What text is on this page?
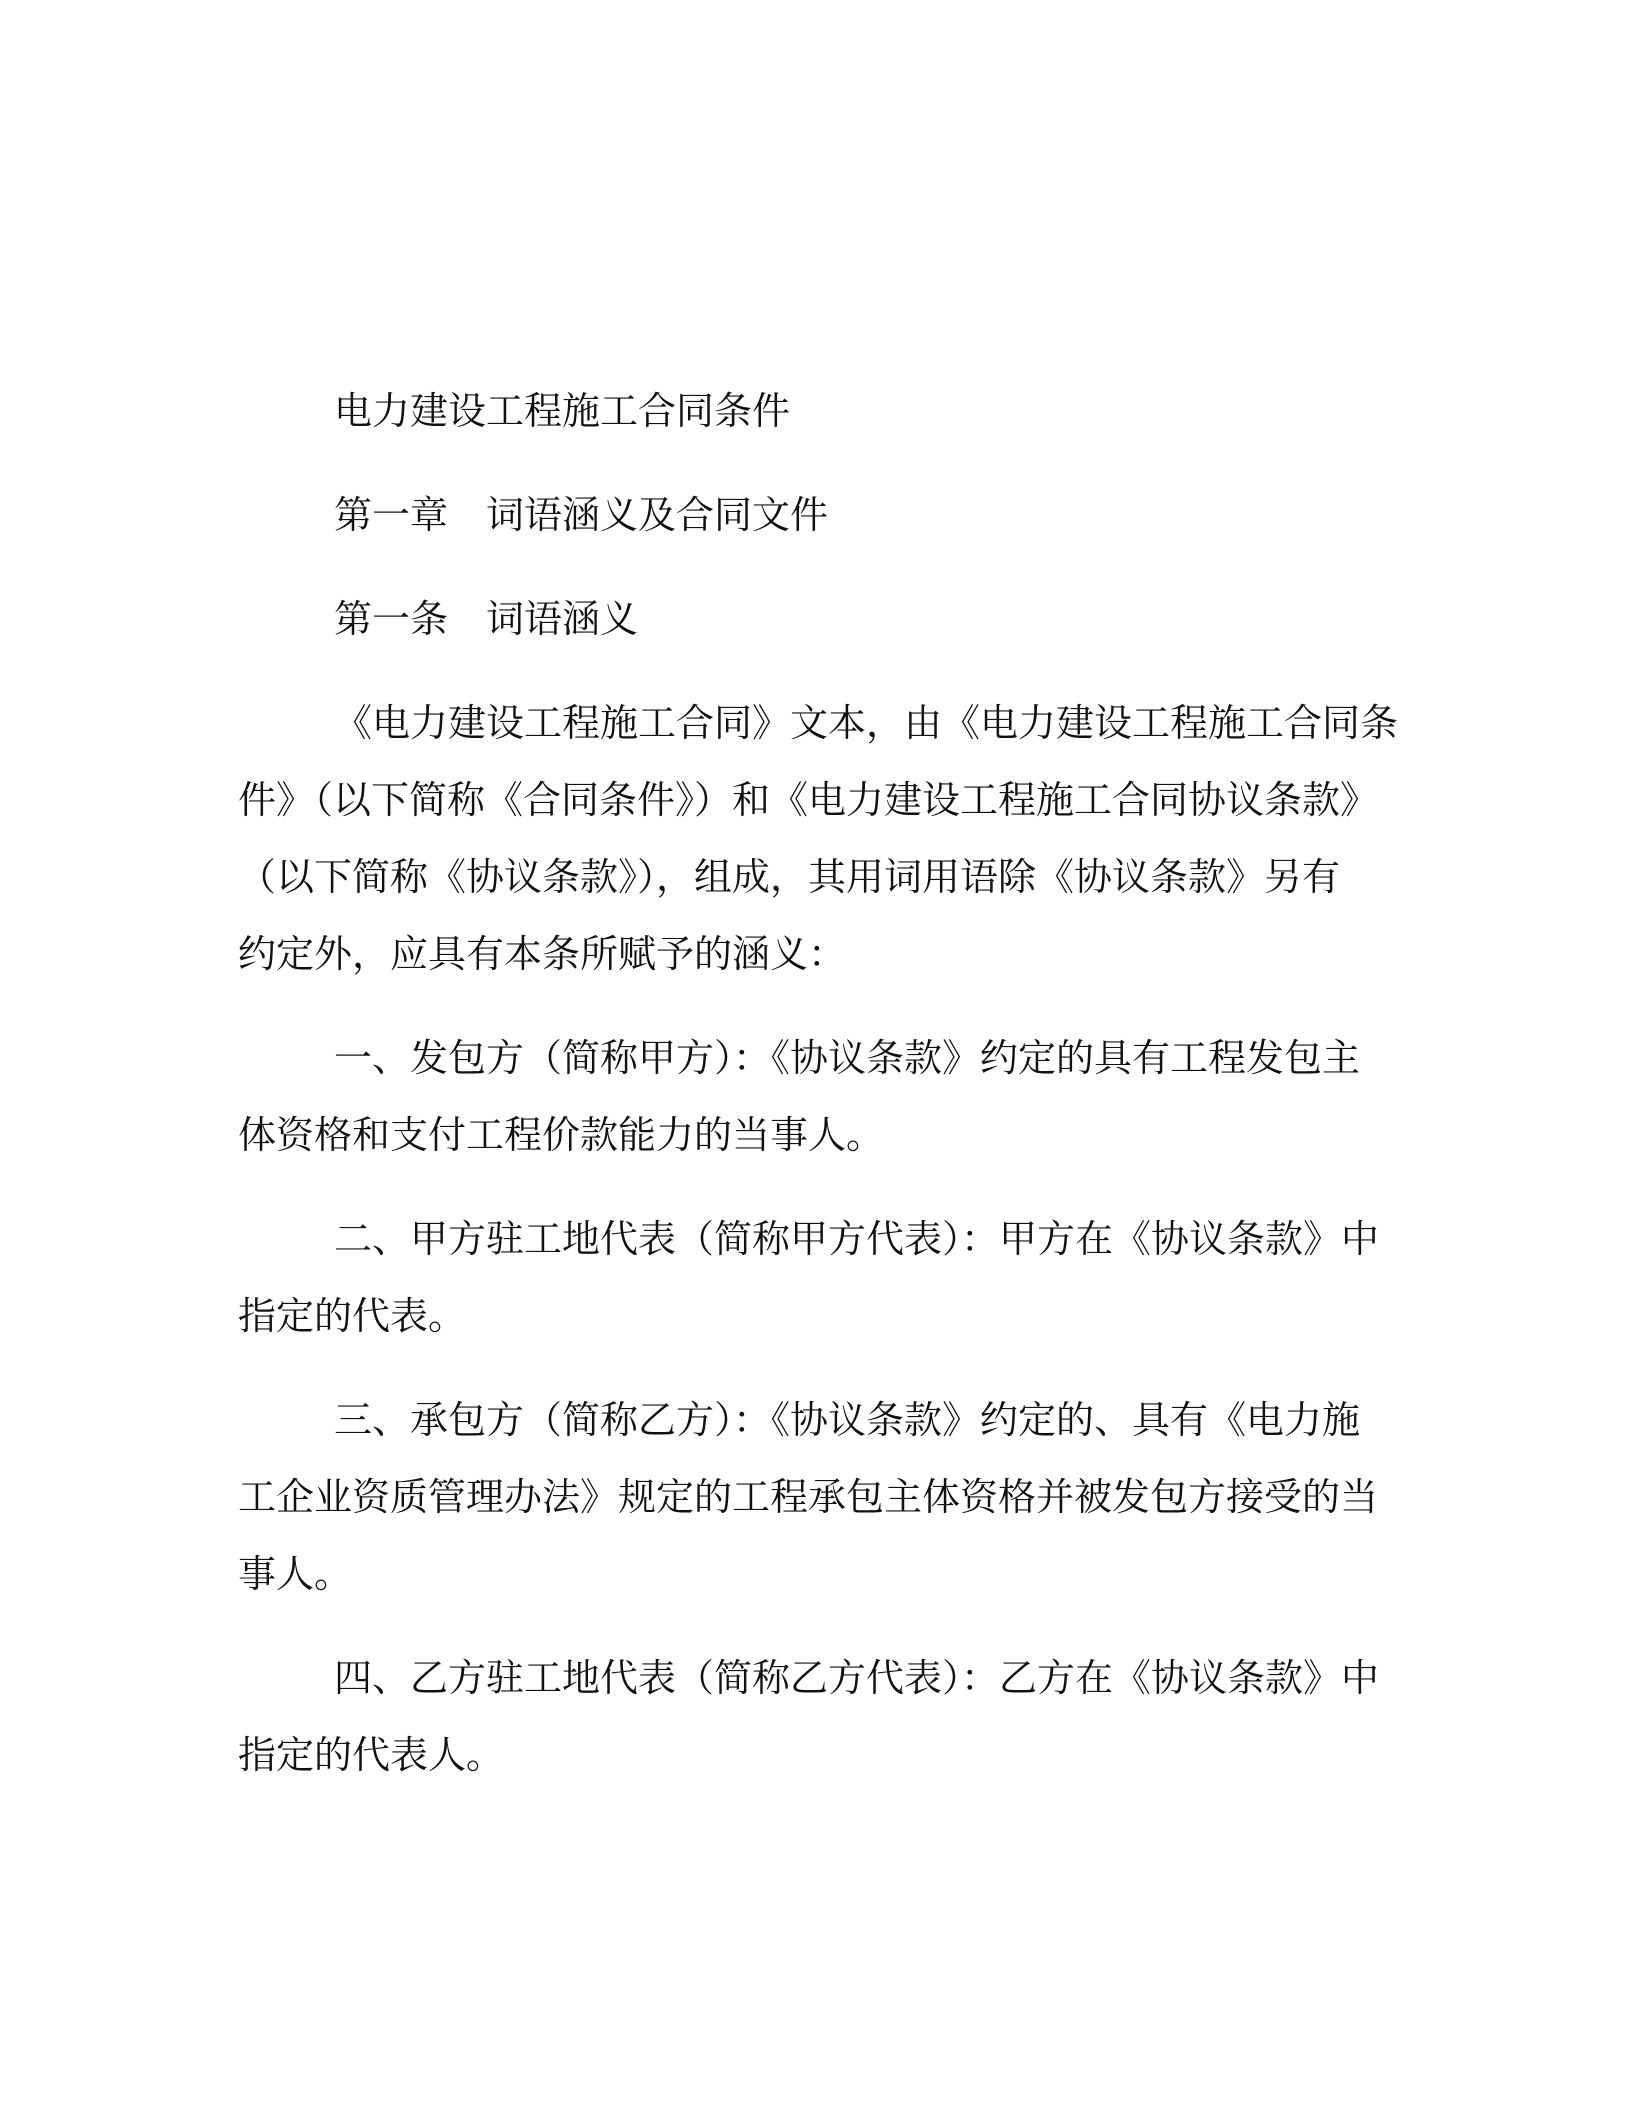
电力建设工程施工合同条件
第一章 词语涵义及合同文件
第一条 词语涵义
《电力建设工程施工合同》文本，由《电力建设工程施工合同条
件》（以下简称《合同条件》）和《电力建设工程施工合同协议条款》
（以下简称《协议条款》），组成，其用词用语除《协议条款》另有
约定外，应具有本条所赋予的涵义：
一、发包方（简称甲方）：《协议条款》约定的具有工程发包主
体资格和支付工程价款能力的当事人。
二、甲方驻工地代表（简称甲方代表）：甲方在《协议条款》中
指定的代表。
三、承包方（简称乙方）：《协议条款》约定的、具有《电力施
工企业资质管理办法》规定的工程承包主体资格并被发包方接受的当
事人。
四、乙方驻工地代表（简称乙方代表）：乙方在《协议条款》中
指定的代表人。
